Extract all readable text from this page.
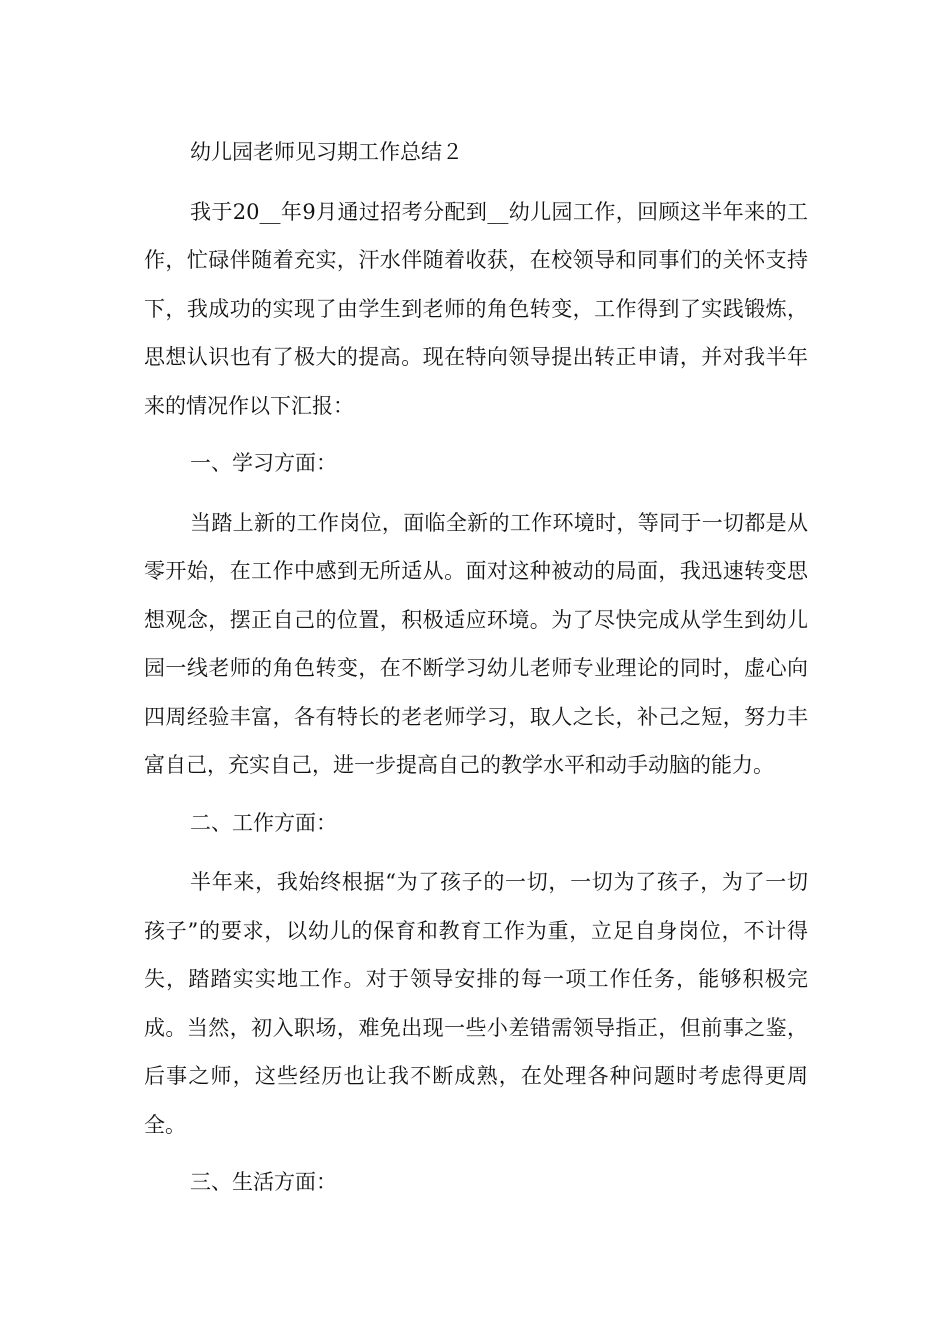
幼儿园老师见习期工作总结２

我于20__年9月通过招考分配到__幼儿园工作，回顾这半年来的工作，忙碌伴随着充实，汗水伴随着收获，在校领导和同事们的关怀支持下，我成功的实现了由学生到老师的角色转变，工作得到了实践锻炼，思想认识也有了极大的提高。现在特向领导提出转正申请，并对我半年来的情况作以下汇报：

一、学习方面：

当踏上新的工作岗位，面临全新的工作环境时，等同于一切都是从零开始，在工作中感到无所适从。面对这种被动的局面，我迅速转变思想观念，摆正自己的位置，积极适应环境。为了尽快完成从学生到幼儿园一线老师的角色转变，在不断学习幼儿老师专业理论的同时，虚心向四周经验丰富，各有特长的老老师学习，取人之长，补己之短，努力丰富自己，充实自己，进一步提高自己的教学水平和动手动脑的能力。

二、工作方面：

半年来，我始终根据“为了孩子的一切，一切为了孩子，为了一切孩子”的要求，以幼儿的保育和教育工作为重，立足自身岗位，不计得失，踏踏实实地工作。对于领导安排的每一项工作任务，能够积极完成。当然，初入职场，难免出现一些小差错需领导指正，但前事之鉴，后事之师，这些经历也让我不断成熟，在处理各种问题时考虑得更周全。

三、生活方面：
